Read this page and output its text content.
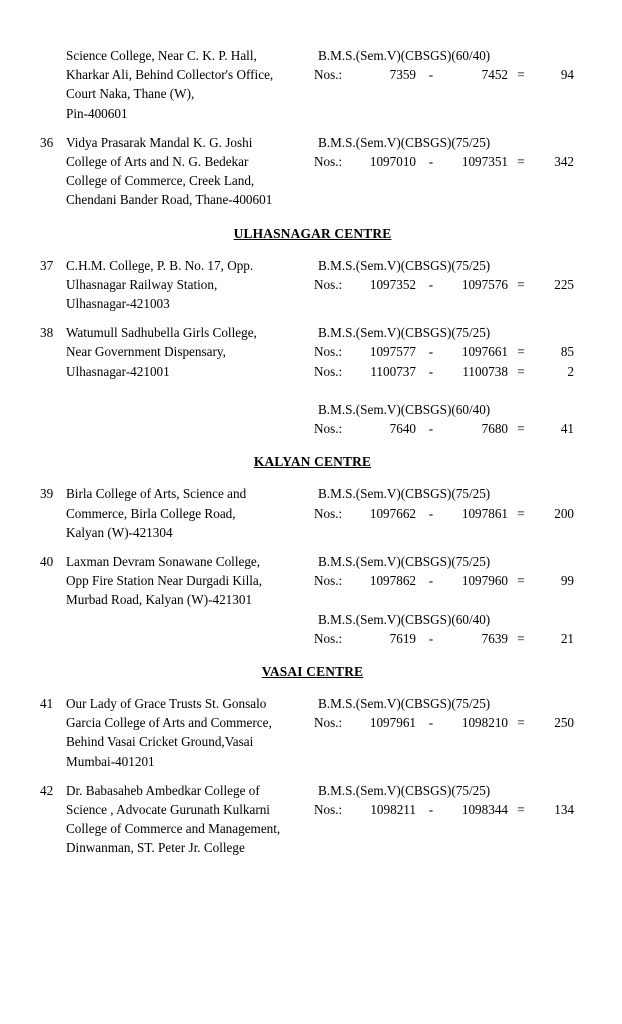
Science College, Near C. K. P. Hall,
Kharkar Ali, Behind Collector's Office,
Court Naka, Thane (W),
Pin-400601
B.M.S.(Sem.V)(CBSGS)(60/40)
Nos.:	7359 -	7452 =	94
36 Vidya Prasarak Mandal K. G. Joshi
College of Arts and N. G. Bedekar
College of Commerce, Creek Land,
Chendani Bander Road, Thane-400601
B.M.S.(Sem.V)(CBSGS)(75/25)
Nos.:	1097010 -	1097351 =	342
ULHASNAGAR CENTRE
37 C.H.M. College, P. B. No. 17, Opp.
Ulhasnagar Railway Station,
Ulhasnagar-421003
B.M.S.(Sem.V)(CBSGS)(75/25)
Nos.:	1097352 -	1097576 =	225
38 Watumull Sadhubella Girls College,
Near Government Dispensary,
Ulhasnagar-421001
B.M.S.(Sem.V)(CBSGS)(75/25)
Nos.:	1097577 -	1097661 =	85
Nos.:	1100737 -	1100738 =	2
B.M.S.(Sem.V)(CBSGS)(60/40)
Nos.:	7640 -	7680 =	41
KALYAN CENTRE
39 Birla College of Arts, Science and
Commerce, Birla College Road,
Kalyan (W)-421304
B.M.S.(Sem.V)(CBSGS)(75/25)
Nos.:	1097662 -	1097861 =	200
40 Laxman Devram Sonawane College,
Opp Fire Station Near Durgadi Killa,
Murbad Road, Kalyan (W)-421301
B.M.S.(Sem.V)(CBSGS)(75/25)
Nos.:	1097862 -	1097960 =	99
B.M.S.(Sem.V)(CBSGS)(60/40)
Nos.:	7619 -	7639 =	21
VASAI CENTRE
41 Our Lady of Grace Trusts St. Gonsalo
Garcia College of Arts and Commerce,
Behind Vasai Cricket Ground,Vasai
Mumbai-401201
B.M.S.(Sem.V)(CBSGS)(75/25)
Nos.:	1097961 -	1098210 =	250
42 Dr. Babasaheb Ambedkar College of
Science , Advocate Gurunath Kulkarni
College of Commerce and Management,
Dinwanman, ST. Peter Jr. College
B.M.S.(Sem.V)(CBSGS)(75/25)
Nos.:	1098211 -	1098344 =	134
